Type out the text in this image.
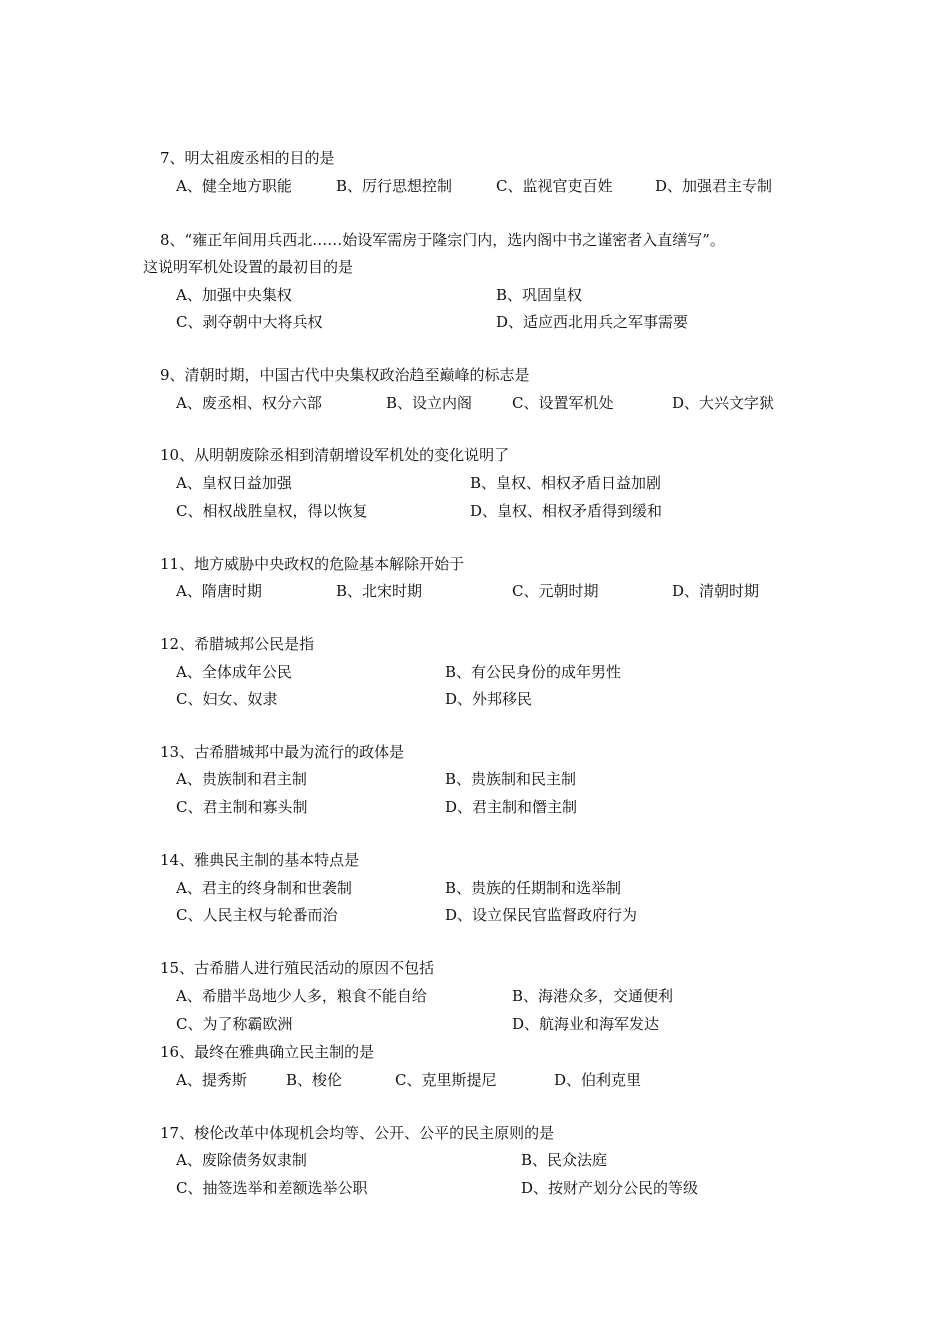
7、明太祖废丞相的目的是
A、健全地方职能	B、厉行思想控制	C、监视官吏百姓	D、加强君主专制
8、“雍正年间用兵西北……始设军需房于隆宗门内，选内阁中书之谨密者入直缮写”。
这说明军机处设置的最初目的是
A、加强中央集权	B、巩固皇权
C、剥夺朝中大将兵权	D、适应西北用兵之军事需要
9、清朝时期，中国古代中央集权政治趋至巅峰的标志是
A、废丞相、权分六部	B、设立内阁	C、设置军机处	D、大兴文字狱
10、从明朝废除丞相到清朝增设军机处的变化说明了
A、皇权日益加强	B、皇权、相权矛盾日益加剧
C、相权战胜皇权，得以恢复	D、皇权、相权矛盾得到缓和
11、地方威胁中央政权的危险基本解除开始于
A、隋唐时期	B、北宋时期	C、元朝时期	D、清朝时期
12、希腊城邦公民是指
A、全体成年公民	B、有公民身份的成年男性
C、妇女、奴隶	D、外邦移民
13、古希腊城邦中最为流行的政体是
A、贵族制和君主制	B、贵族制和民主制
C、君主制和寡头制	D、君主制和僭主制
14、雅典民主制的基本特点是
A、君主的终身制和世袭制	B、贵族的任期制和选举制
C、人民主权与轮番而治	D、设立保民官监督政府行为
15、古希腊人进行殖民活动的原因不包括
A、希腊半岛地少人多，粮食不能自给	B、海港众多，交通便利
C、为了称霸欧洲	D、航海业和海军发达
16、最终在雅典确立民主制的是
A、提秀斯	B、梭伦	C、克里斯提尼	D、伯利克里
17、梭伦改革中体现机会均等、公开、公平的民主原则的是
A、废除债务奴隶制	B、民众法庭
C、抽签选举和差额选举公职	D、按财产划分公民的等级
